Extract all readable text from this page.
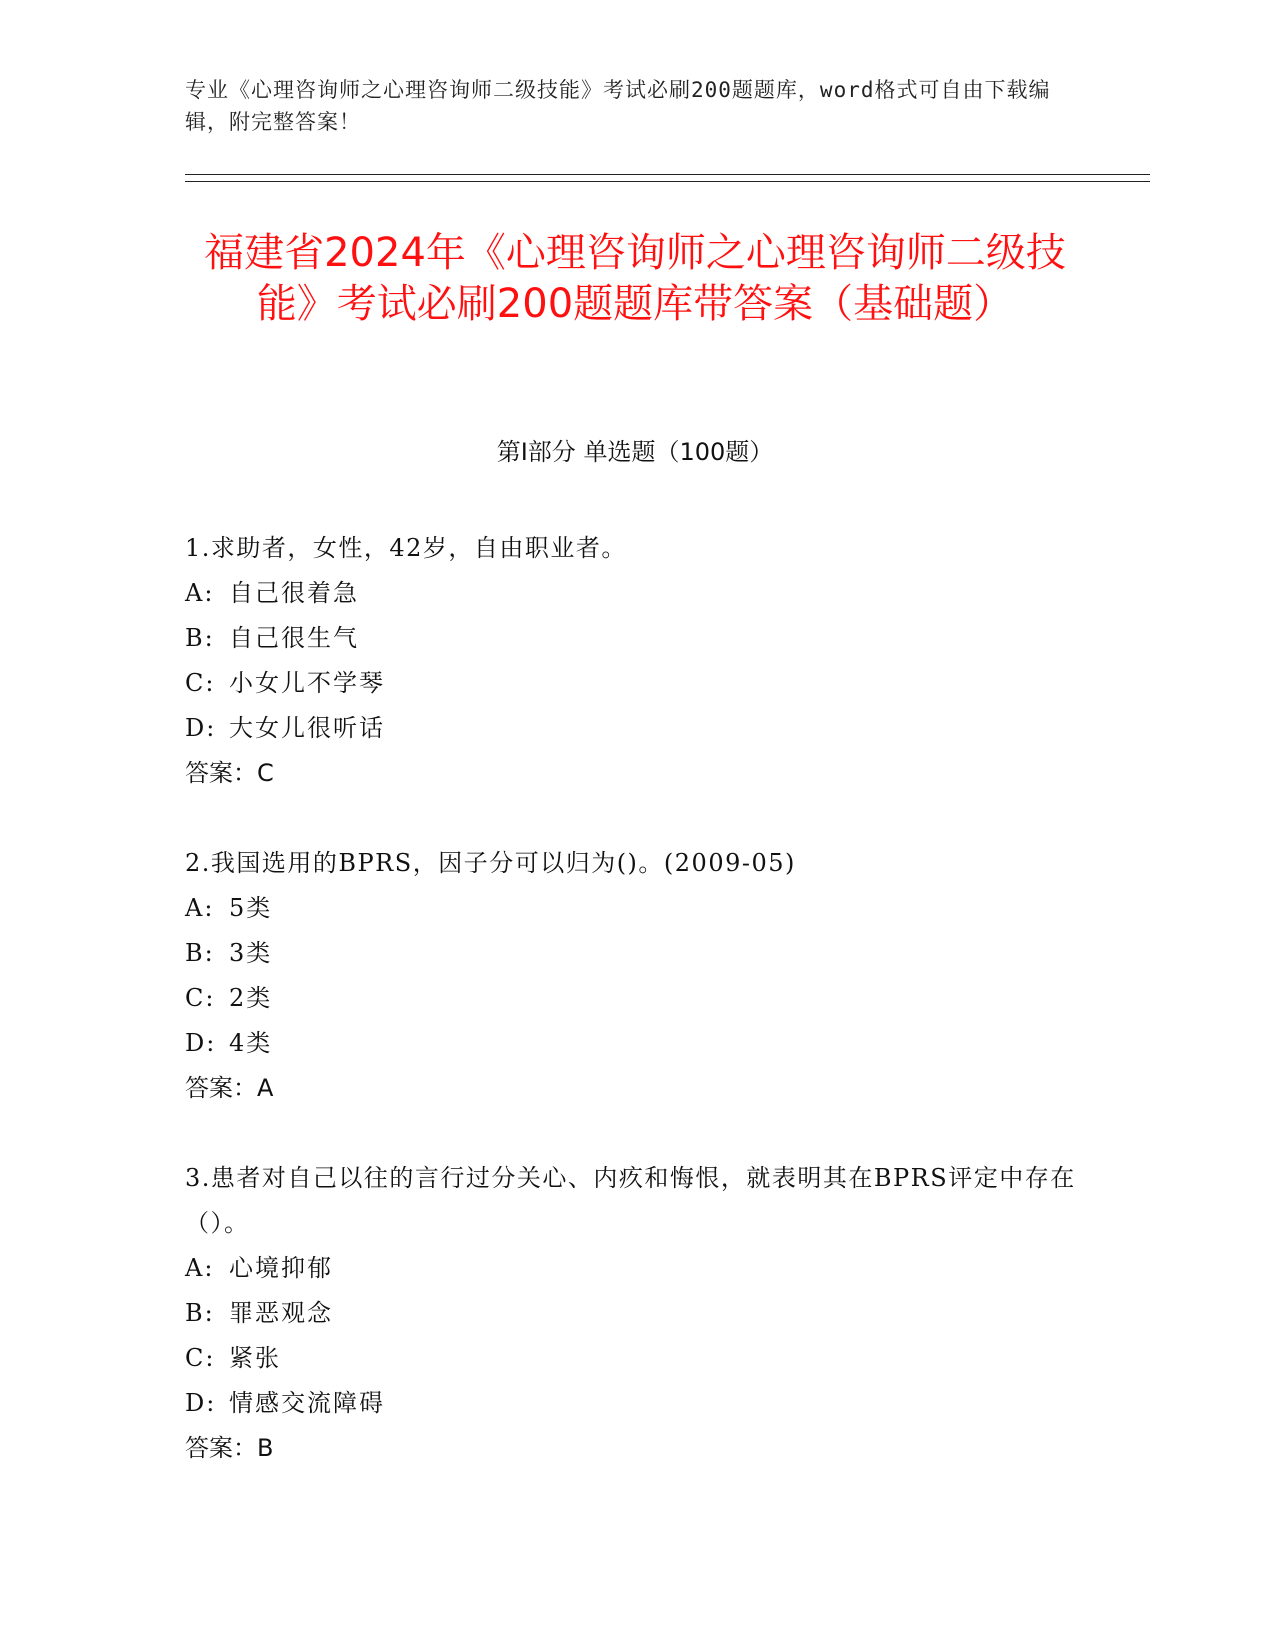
专业《心理咨询师之心理咨询师二级技能》考试必刷200题题库，word格式可自由下载编辑，附完整答案！
福建省2024年《心理咨询师之心理咨询师二级技能》考试必刷200题题库带答案（基础题）
第Ⅰ部分 单选题（100题）

1.求助者，女性，42岁，自由职业者。

A: 自己很着急

B: 自己很生气

C: 小女儿不学琴

D: 大女儿很听话

答案：C

2.我国选用的BPRS，因子分可以归为()。(2009-05)

A: 5类

B: 3类

C: 2类

D: 4类

答案：A

3.患者对自己以往的言行过分关心、内疚和悔恨，就表明其在BPRS评定中存在（）。

A: 心境抑郁

B: 罪恶观念

C: 紧张

D: 情感交流障碍

答案：B
